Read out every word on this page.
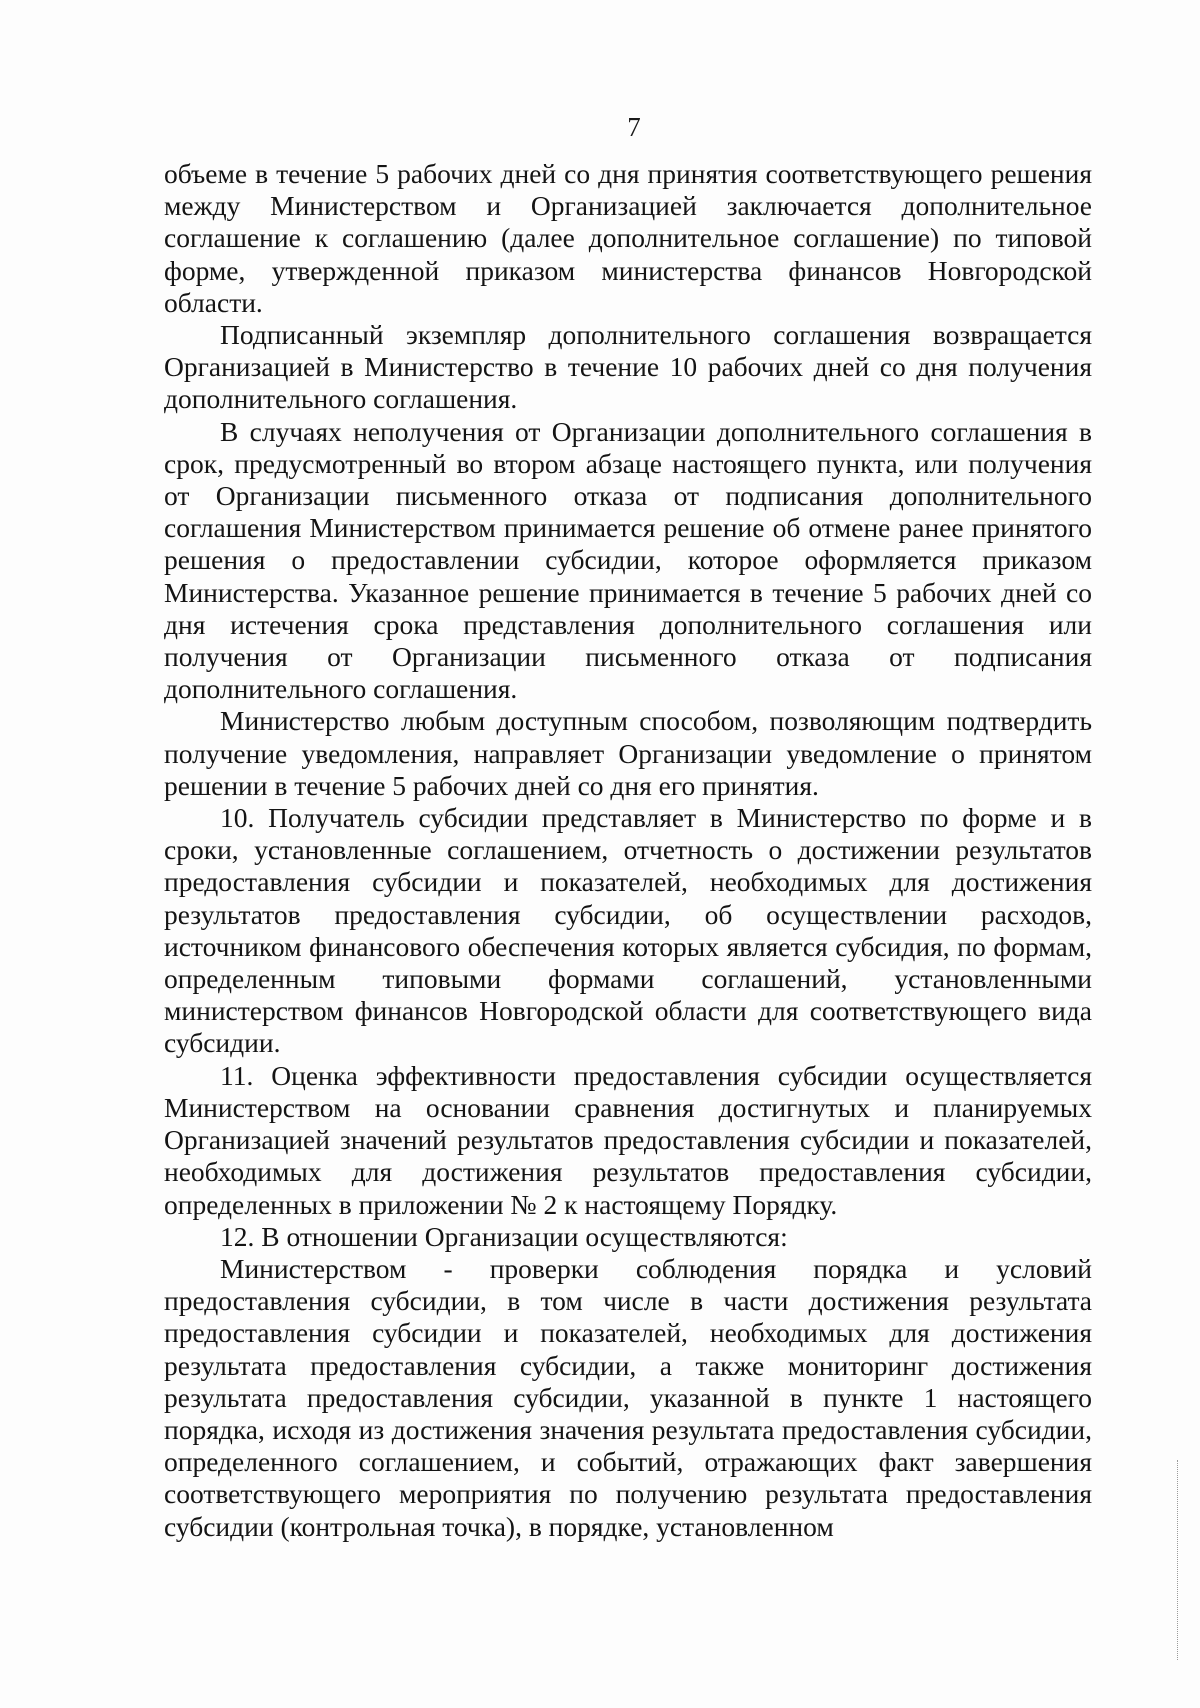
7

объеме в течение 5 рабочих дней со дня принятия соответствующего решения между Министерством и Организацией заключается дополнительное соглашение к соглашению (далее дополнительное соглашение) по типовой форме, утвержденной приказом министерства финансов Новгородской области.

Подписанный экземпляр дополнительного соглашения возвращается Организацией в Министерство в течение 10 рабочих дней со дня получения дополнительного соглашения.

В случаях неполучения от Организации дополнительного соглашения в срок, предусмотренный во втором абзаце настоящего пункта, или получения от Организации письменного отказа от подписания дополнительного соглашения Министерством принимается решение об отмене ранее принятого решения о предоставлении субсидии, которое оформляется приказом Министерства. Указанное решение принимается в течение 5 рабочих дней со дня истечения срока представления дополнительного соглашения или получения от Организации письменного отказа от подписания дополнительного соглашения.

Министерство любым доступным способом, позволяющим подтвердить получение уведомления, направляет Организации уведомление о принятом решении в течение 5 рабочих дней со дня его принятия.

10. Получатель субсидии представляет в Министерство по форме и в сроки, установленные соглашением, отчетность о достижении результатов предоставления субсидии и показателей, необходимых для достижения результатов предоставления субсидии, об осуществлении расходов, источником финансового обеспечения которых является субсидия, по формам, определенным типовыми формами соглашений, установленными министерством финансов Новгородской области для соответствующего вида субсидии.

11. Оценка эффективности предоставления субсидии осуществляется Министерством на основании сравнения достигнутых и планируемых Организацией значений результатов предоставления субсидии и показателей, необходимых для достижения результатов предоставления субсидии, определенных в приложении № 2 к настоящему Порядку.

12. В отношении Организации осуществляются:

Министерством - проверки соблюдения порядка и условий предоставления субсидии, в том числе в части достижения результата предоставления субсидии и показателей, необходимых для достижения результата предоставления субсидии, а также мониторинг достижения результата предоставления субсидии, указанной в пункте 1 настоящего порядка, исходя из достижения значения результата предоставления субсидии, определенного соглашением, и событий, отражающих факт завершения соответствующего мероприятия по получению результата предоставления субсидии (контрольная точка), в порядке, установленном
